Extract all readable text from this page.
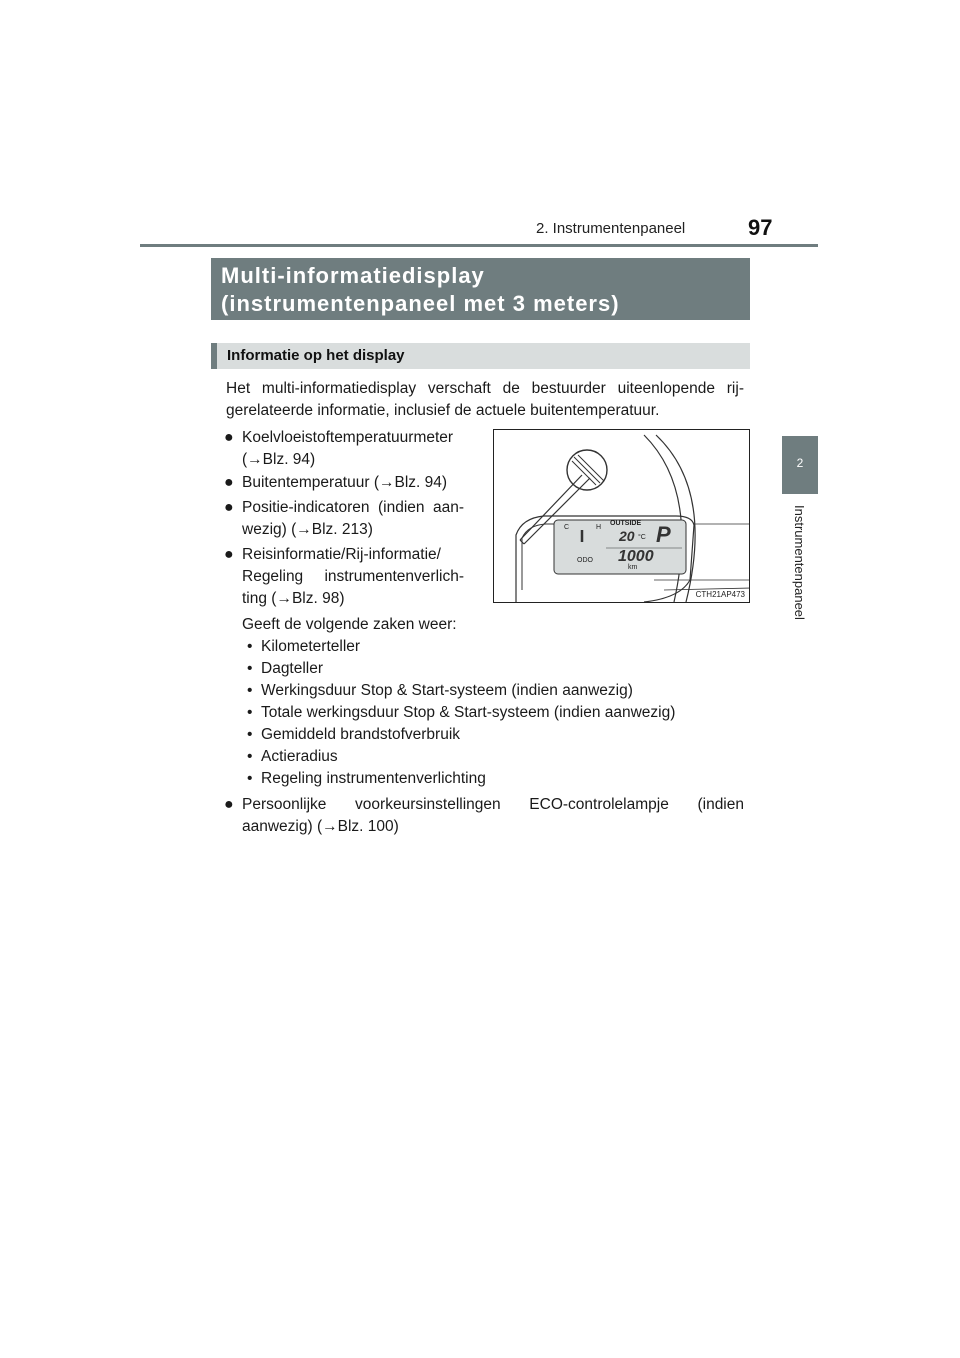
2. Instrumentenpaneel	97
2
Instrumentenpaneel
Multi-informatiedisplay
(instrumentenpaneel met 3 meters)
Informatie op het display
Het multi-informatiedisplay verschaft de bestuurder uiteenlopende rij-
gerelateerde informatie, inclusief de actuele buitentemperatuur.
● Koelvloeistoftemperatuurmeter
(→Blz. 94)
● Buitentemperatuur (→Blz. 94)
● Positie-indicatoren (indien aan-
wezig) (→Blz. 213)
● Reisinformatie/Rij-informatie/
Regeling instrumentenverlich-
ting (→Blz. 98)
C	H
OUTSIDE
20 °C P
ODO 1000
km
CTH21AP473
Geeft de volgende zaken weer:
• Kilometerteller
• Dagteller
• Werkingsduur Stop & Start-systeem (indien aanwezig)
• Totale werkingsduur Stop & Start-systeem (indien aanwezig)
• Gemiddeld brandstofverbruik
• Actieradius
• Regeling instrumentenverlichting
● Persoonlijke voorkeursinstellingen ECO-controlelampje (indien
aanwezig) (→Blz. 100)
